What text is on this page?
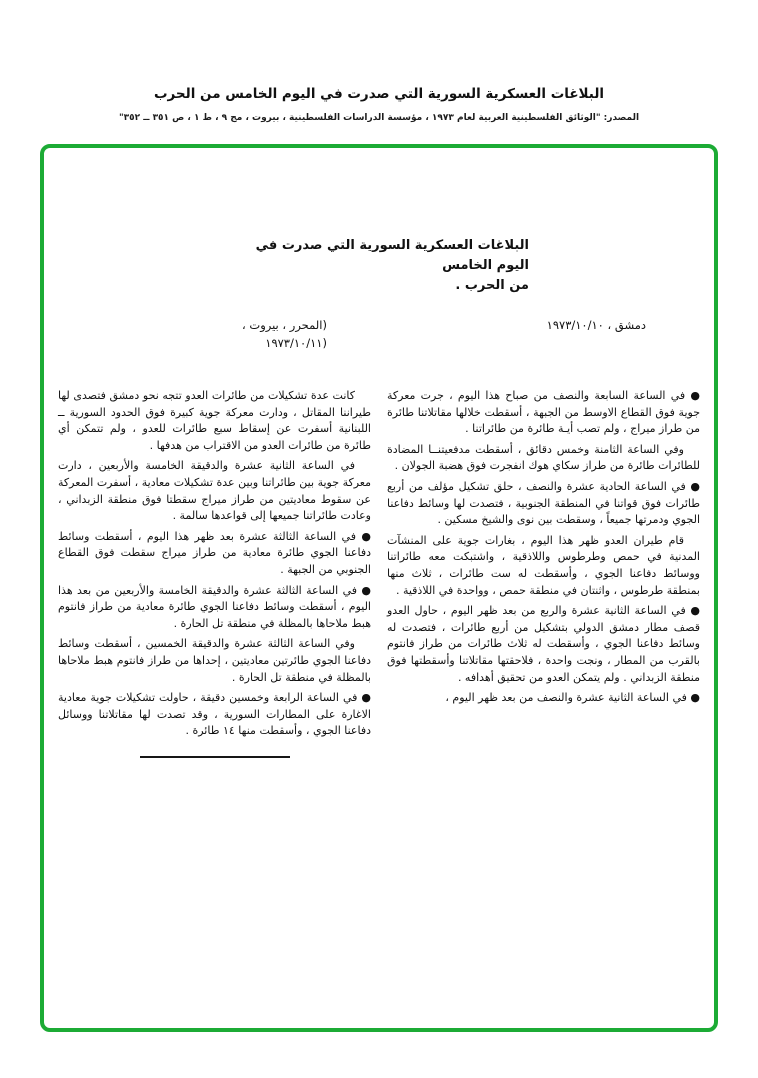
البلاغات العسكرية السورية التي صدرت في اليوم الخامس من الحرب
المصدر: "الوثائق الفلسطينية العربية لعام ١٩٧٣ ، مؤسسة الدراسات الفلسطينية ، بيروت ، مج ٩ ، ط ١ ، ص ٣٥١ ــ ٣٥٢"
البلاغات العسكرية السورية التي صدرت في اليوم الخامس
من الحرب .
دمشق ، ١٩٧٣/١٠/١٠
(المحرر ، بيروت ،
(١٩٧٣/١٠/١١

● في الساعة السابعة والنصف من صباح هذا اليوم ، جرت معركة جوية فوق القطاع الاوسط من الجبهة ، أسقطت خلالها مقاتلاتنا طائرة من طراز ميراج ، ولم تصب أيـة طائرة من طائراتنا .

وفي الساعة الثامنة وخمس دقائق ، أسقطت مدفعيتنــا المضادة للطائرات طائرة من طراز سكاي هوك انفجرت فوق هضبة الجولان .

● في الساعة الحادية عشرة والنصف ، حلق تشكيل مؤلف من أربع طائرات فوق قواتنا في المنطقة الجنوبية ، فتصدت لها وسائط دفاعنا الجوي ودمرتها جميعاً ، وسقطت بين نوى والشيخ مسكين .

قام طيران العدو ظهر هذا اليوم ، بغارات جوية على المنشآت المدنية في حمص وطرطوس واللاذقية ، واشتبكت معه طائراتنا ووسائط دفاعنا الجوي ، وأسقطت له ست طائرات ، ثلاث منها بمنطقة طرطوس ، واثنتان في منطقة حمص ، وواحدة في اللاذقية .

● في الساعة الثانية عشرة والربع من بعد ظهر اليوم ، حاول العدو قصف مطار دمشق الدولي بتشكيل من أربع طائرات ، فتصدت له وسائط دفاعنا الجوي ، وأسقطت له ثلاث طائرات من طراز فانتوم بالقرب من المطار ، ونجت واحدة ، فلاحقتها مقاتلاتنا وأسقطتها فوق منطقة الزبداني . ولم يتمكن العدو من تحقيق أهدافه .

● في الساعة الثانية عشرة والنصف من بعد ظهر اليوم ،

كانت عدة تشكيلات من طائرات العدو تتجه نحو دمشق فتصدى لها طيراننا المقاتل ، ودارت معركة جوية كبيرة فوق الحدود السورية ــ اللبنانية أسفرت عن إسقاط سبع طائرات للعدو ، ولم تتمكن أي طائرة من طائرات العدو من الاقتراب من هدفها .

في الساعة الثانية عشرة والدقيقة الخامسة والأربعين ، دارت معركة جوية بين طائراتنا وبين عدة تشكيلات معادية ، أسفرت المعركة عن سقوط معاديتين من طراز ميراج سقطتا فوق منطقة الزبداني ، وعادت طائراتنا جميعها إلى قواعدها سالمة .

● في الساعة الثالثة عشرة بعد ظهر هذا اليوم ، أسقطت وسائط دفاعنا الجوي طائرة معادية من طراز ميراج سقطت فوق القطاع الجنوبي من الجبهة .

● في الساعة الثالثة عشرة والدقيقة الخامسة والأربعين من بعد هذا اليوم ، أسقطت وسائط دفاعنا الجوي طائرة معادية من طراز فانتوم هبط ملاحاها بالمظلة في منطقة تل الحارة .

وفي الساعة الثالثة عشرة والدقيقة الخمسين ، أسقطت وسائط دفاعنا الجوي طائرتين معاديتين ، إحداها من طراز فانتوم هبط ملاحاها بالمظلة في منطقة تل الحارة .

● في الساعة الرابعة وخمسين دقيقة ، حاولت تشكيلات جوية معادية الاغارة على المطارات السورية ، وقد تصدت لها مقاتلاتنا ووسائل دفاعنا الجوي ، وأسقطت منها ١٤ طائرة .
